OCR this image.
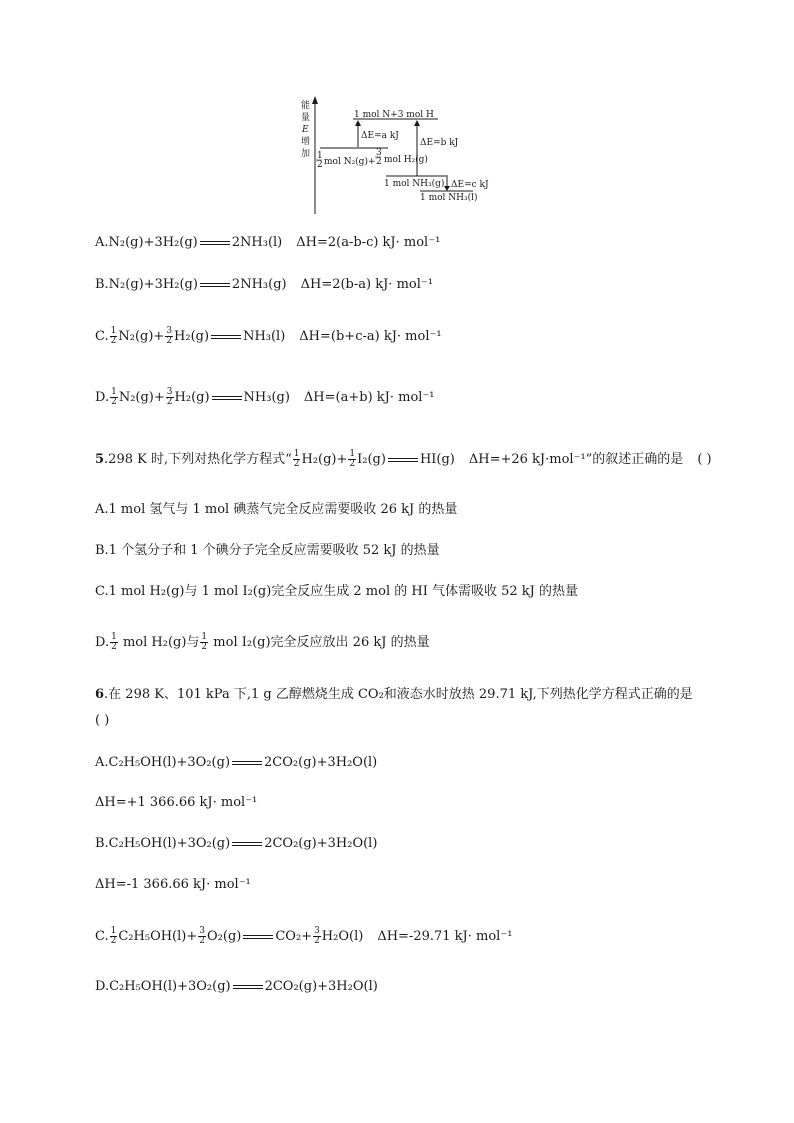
能
量
E
增
加
1 mol N+3 mol H
1
2 mol N₂(g)+
3
2 mol H₂(g)
ΔE=a kJ
ΔE=b kJ
1 mol NH₃(g) ΔE=c kJ
1 mol NH₃(l)
A.N₂(g)+3H₂(g)	2NH₃(l) ΔH=2(a-b-c) kJ· mol⁻¹
B.N₂(g)+3H₂(g)	2NH₃(g) ΔH=2(b-a) kJ· mol⁻¹
C. $\frac{1}{2} N_2(g)+ \frac{3}{2} H_2(g)$	NH₃(l) ΔH=(b+c-a) kJ· mol⁻¹
D. $\frac{1}{2} N_2(g)+ \frac{3}{2} H_2(g)$	NH₃(g) ΔH=(a+b) kJ· mol⁻¹
5.298 K 时,下列对热化学方程式“ $\frac{1}{2} H_2(g)+ \frac{1}{2} I_2(g)$	HI(g) ΔH=+26 kJ·mol⁻¹”的叙述正确的是 ( )
A.1 mol 氢气与 1 mol 碘蒸气完全反应需要吸收 26 kJ 的热量
B.1 个氢分子和 1 个碘分子完全反应需要吸收 52 kJ 的热量
C.1 mol H₂(g)与 1 mol I₂(g)完全反应生成 2 mol 的 HI 气体需吸收 52 kJ 的热量
D. $\frac{1}{2}$ mol H₂(g)与 $\frac{1}{2}$ mol I₂(g)完全反应放出 26 kJ 的热量
6.在 298 K、101 kPa 下,1 g 乙醇燃烧生成 CO₂和液态水时放热 29.71 kJ,下列热化学方程式正确的是
( )
A.C₂H₅OH(l)+3O₂(g)	2CO₂(g)+3H₂O(l)
ΔH=+1 366.66 kJ· mol⁻¹
B.C₂H₅OH(l)+3O₂(g)	2CO₂(g)+3H₂O(l)
ΔH=-1 366.66 kJ· mol⁻¹
C. $\frac{1}{2} C_2H_5OH(l)+ \frac{3}{2} O_2(g)$	$CO_2+ \frac{3}{2} H_2O(l)$ ΔH=-29.71 kJ· mol⁻¹
D.C₂H₅OH(l)+3O₂(g)	2CO₂(g)+3H₂O(l)
